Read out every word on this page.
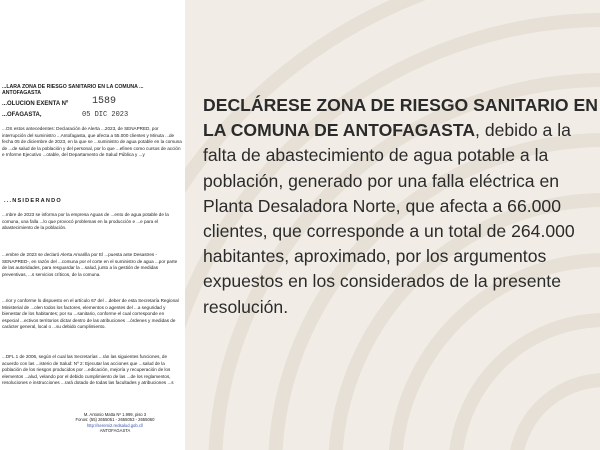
...LARA ZONA DE RIESGO SANITARIO EN LA COMUNA ... ANTOFAGASTA
...OLUCION EXENTA Nº 1589
...OFAGASTA,	05 DIC 2023

...OS estos antecedentes: Declaración de Alerta ...2023, de SENAPRED, por interrupción del suministro ...Antofagasta, que afecta a 55.000 clientes y Minuta ...de fecha 05 de diciembre de 2023, en la que se ...suministro de agua potable en la comuna de ...de salud de la población y del personal, por lo que ...efinen como cursos de acción e Informe Ejecutivo ...otable, del Departamento de Salud Pública y ...y

...NSIDERANDO

...mbre de 2023 se informa por la empresa Aguas de ...ento de agua potable de la comuna, una falla ...lo que provocó problemas en la producción e ...e para el abastecimiento de la población.

...embre de 2023 se declaró Alerta Amarilla por El ...puesta ante Desastres -SENAPRED-, en razón del ...comuna por el corte en el suministro de agua ...por parte de las autoridades, para resguardar la ...salud, junto a la gestión de medidas preventivas, ...s servicios críticos, de la comuna.

...rior y conforme lo dispuesto en el artículo 67 del ...deber de esta Secretaría Regional Ministerial de ...olen todos los factores, elementos o agentes del ...a seguridad y bienestar de los habitantes; por su ...sanitario, conforme el cual corresponde en especial ...ectivos territorios dictar dentro de las atribuciones ...órdenes y medidas de carácter general, local o ...su debido cumplimiento.

...DFL 1 de 2006, según el cual las Secretarías ...rán las siguientes funciones, de acuerdo con las ...isterio de Salud: Nº 2: Ejecutar las acciones que ...salud de la población de los riesgos producidos por ...edicación, mejoría y recuperación de los elementos ...alud, velando por el debido cumplimiento de las ...de los reglamentos, resoluciones e instrucciones ...rará dotado de todas las facultades y atribuciones ...s

M. Antonio Matta Nº 1.999, piso 3
Fonos: (55) 2655051 - 2655053 - 2655060
http://seremi2.redsalud.gob.cl/
ANTOFAGASTA
DECLÁRESE ZONA DE RIESGO SANITARIO EN LA COMUNA DE ANTOFAGASTA, debido a la falta de abastecimiento de agua potable a la población, generado por una falla eléctrica en Planta Desaladora Norte, que afecta a 66.000 clientes, que corresponde a un total de 264.000 habitantes, aproximado, por los argumentos expuestos en los considerados de la presente resolución.
